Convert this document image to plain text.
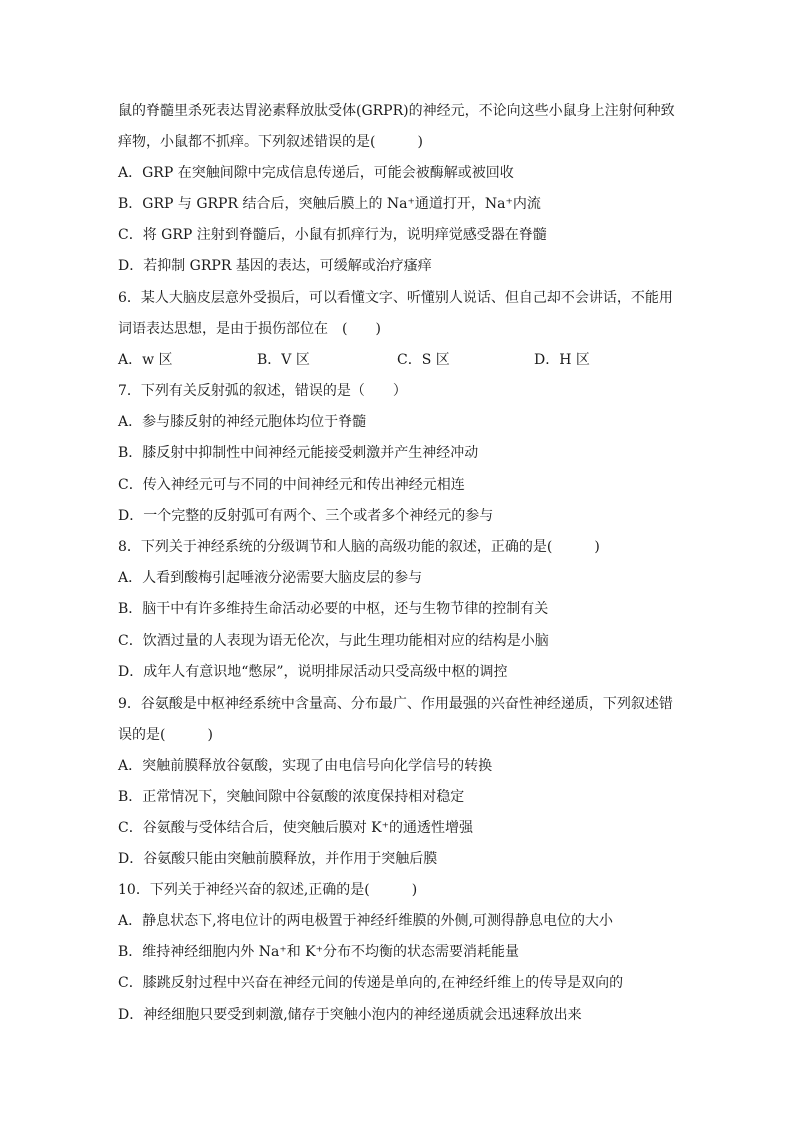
鼠的脊髓里杀死表达胃泌素释放肽受体(GRPR)的神经元，不论向这些小鼠身上注射何种致
痒物，小鼠都不抓痒。下列叙述错误的是(　　　)
A．GRP 在突触间隙中完成信息传递后，可能会被酶解或被回收
B．GRP 与 GRPR 结合后，突触后膜上的 Na⁺通道打开，Na⁺内流
C．将 GRP 注射到脊髓后，小鼠有抓痒行为，说明痒觉感受器在脊髓
D．若抑制 GRPR 基因的表达，可缓解或治疗瘙痒
6．某人大脑皮层意外受损后，可以看懂文字、听懂别人说话、但自己却不会讲话，不能用
词语表达思想，是由于损伤部位在　(　　)
A．w 区	B．V 区	C．S 区	D．H 区
7．下列有关反射弧的叙述，错误的是（　　）
A．参与膝反射的神经元胞体均位于脊髓
B．膝反射中抑制性中间神经元能接受刺激并产生神经冲动
C．传入神经元可与不同的中间神经元和传出神经元相连
D．一个完整的反射弧可有两个、三个或者多个神经元的参与
8．下列关于神经系统的分级调节和人脑的高级功能的叙述，正确的是(　　　)
A．人看到酸梅引起唾液分泌需要大脑皮层的参与
B．脑干中有许多维持生命活动必要的中枢，还与生物节律的控制有关
C．饮酒过量的人表现为语无伦次，与此生理功能相对应的结构是小脑
D．成年人有意识地“憋尿”，说明排尿活动只受高级中枢的调控
9．谷氨酸是中枢神经系统中含量高、分布最广、作用最强的兴奋性神经递质，下列叙述错
误的是(　　　)
A．突触前膜释放谷氨酸，实现了由电信号向化学信号的转换
B．正常情况下，突触间隙中谷氨酸的浓度保持相对稳定
C．谷氨酸与受体结合后，使突触后膜对 K⁺的通透性增强
D．谷氨酸只能由突触前膜释放，并作用于突触后膜
10．下列关于神经兴奋的叙述,正确的是(　　　)
A．静息状态下,将电位计的两电极置于神经纤维膜的外侧,可测得静息电位的大小
B．维持神经细胞内外 Na⁺和 K⁺分布不均衡的状态需要消耗能量
C．膝跳反射过程中兴奋在神经元间的传递是单向的,在神经纤维上的传导是双向的
D．神经细胞只要受到刺激,储存于突触小泡内的神经递质就会迅速释放出来
